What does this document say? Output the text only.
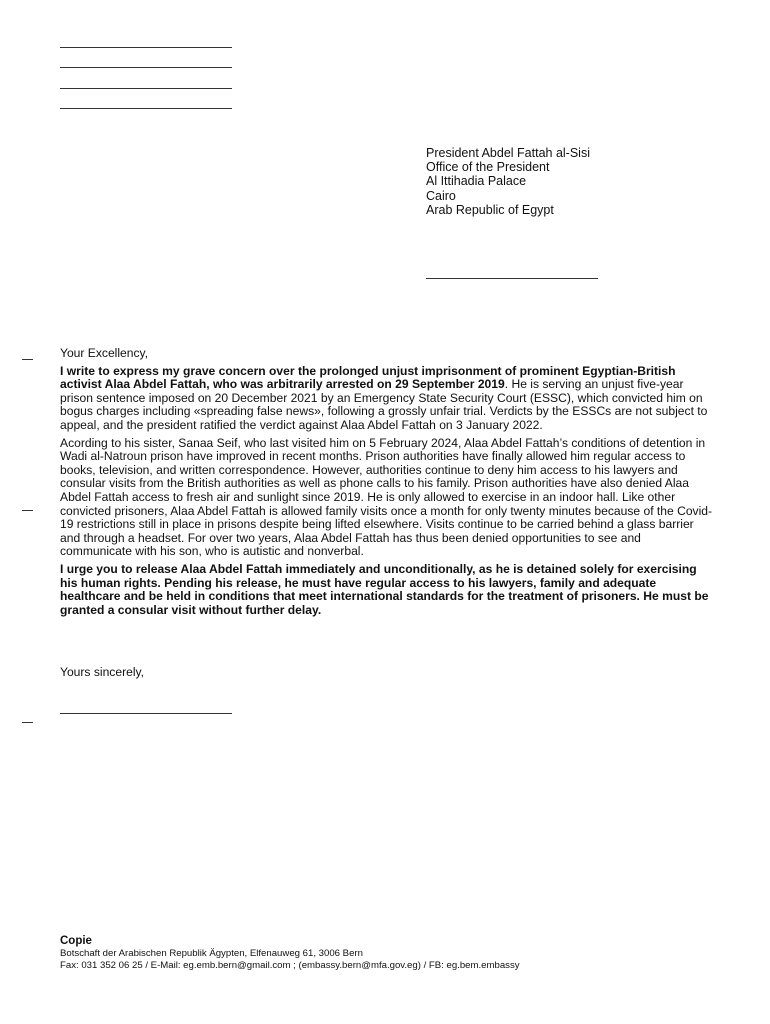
President Abdel Fattah al-Sisi
Office of the President
Al Ittihadia Palace
Cairo
Arab Republic of Egypt
Your Excellency,
I write to express my grave concern over the prolonged unjust imprisonment of prominent Egyptian-British activist Alaa Abdel Fattah, who was arbitrarily arrested on 29 September 2019. He is serving an unjust five-year prison sentence imposed on 20 December 2021 by an Emergency State Security Court (ESSC), which convicted him on bogus charges including «spreading false news», following a grossly unfair trial. Verdicts by the ESSCs are not subject to appeal, and the president ratified the verdict against Alaa Abdel Fattah on 3 January 2022.
Acording to his sister, Sanaa Seif, who last visited him on 5 February 2024, Alaa Abdel Fattah’s conditions of detention in Wadi al-Natroun prison have improved in recent months. Prison authorities have finally allowed him regular access to books, television, and written correspondence. However, authorities continue to deny him access to his lawyers and consular visits from the British authorities as well as phone calls to his family. Prison authorities have also denied Alaa Abdel Fattah access to fresh air and sunlight since 2019. He is only allowed to exercise in an indoor hall. Like other convicted prisoners, Alaa Abdel Fattah is allowed family visits once a month for only twenty minutes because of the Covid-19 restrictions still in place in prisons despite being lifted elsewhere. Visits continue to be carried behind a glass barrier and through a headset. For over two years, Alaa Abdel Fattah has thus been denied opportunities to see and communicate with his son, who is autistic and nonverbal.
I urge you to release Alaa Abdel Fattah immediately and unconditionally, as he is detained solely for exercising his human rights. Pending his release, he must have regular access to his lawyers, family and adequate healthcare and be held in conditions that meet international standards for the treatment of prisoners. He must be granted a consular visit without further delay.
Yours sincerely,
Copie
Botschaft der Arabischen Republik Ägypten, Elfenauweg 61, 3006 Bern
Fax: 031 352 06 25 / E-Mail: eg.emb.bern@gmail.com ; (embassy.bern@mfa.gov.eg) / FB: eg.bem.embassy
